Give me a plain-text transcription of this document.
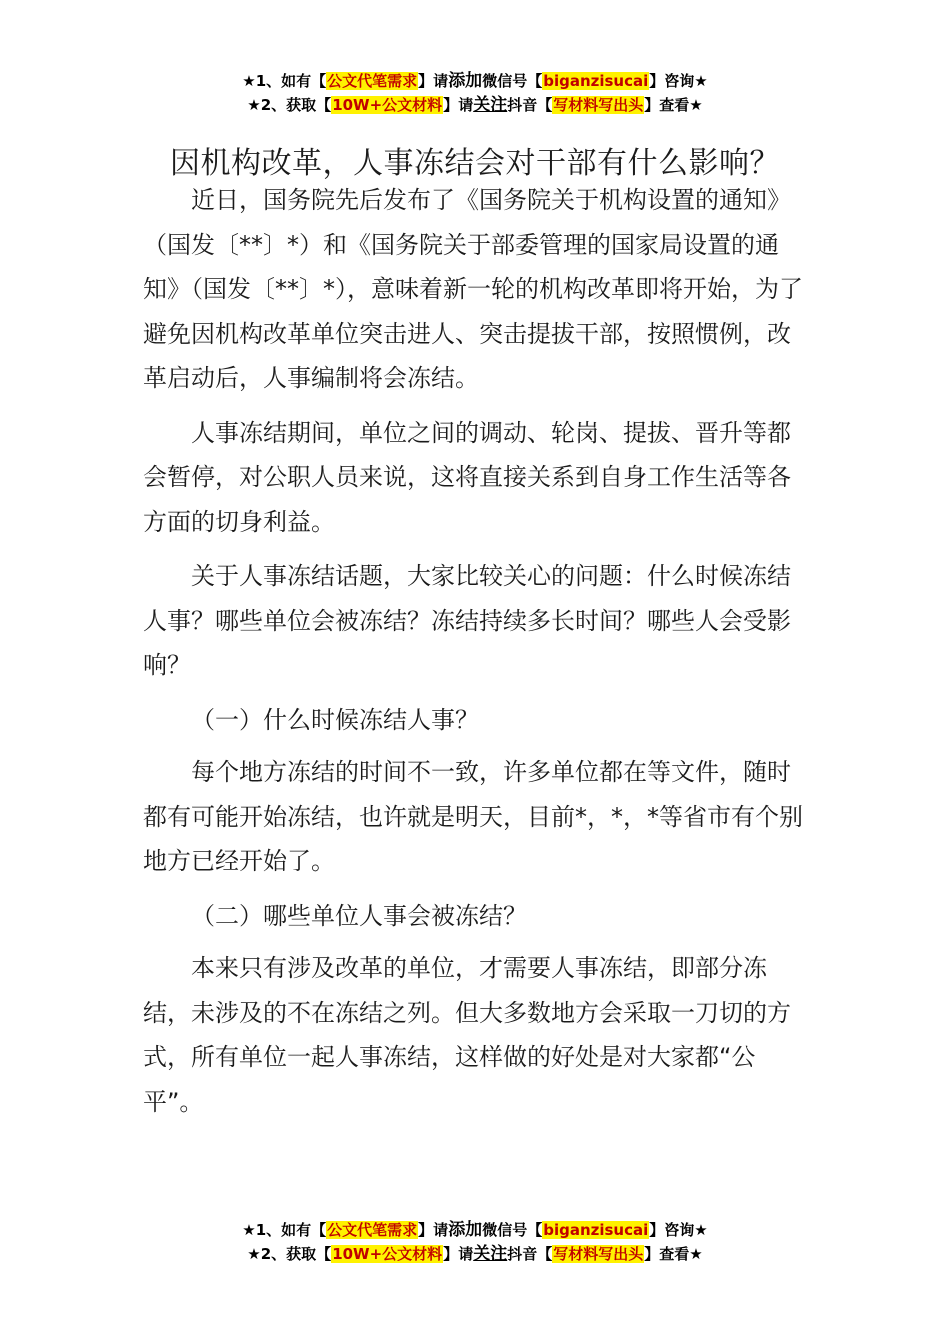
★1、如有【公文代笔需求】请添加微信号【biganzisucai】咨询★
★2、获取【10W+公文材料】请关注抖音【写材料写出头】查看★
因机构改革，人事冻结会对干部有什么影响？

近日，国务院先后发布了《国务院关于机构设置的通知》（国发〔**〕*）和《国务院关于部委管理的国家局设置的通知》（国发〔**〕*），意味着新一轮的机构改革即将开始，为了避免因机构改革单位突击进人、突击提拔干部，按照惯例，改革启动后，人事编制将会冻结。

人事冻结期间，单位之间的调动、轮岗、提拔、晋升等都会暂停，对公职人员来说，这将直接关系到自身工作生活等各方面的切身利益。

关于人事冻结话题，大家比较关心的问题：什么时候冻结人事？哪些单位会被冻结？冻结持续多长时间？哪些人会受影响？

（一）什么时候冻结人事？

每个地方冻结的时间不一致，许多单位都在等文件，随时都有可能开始冻结，也许就是明天，目前*，*，*等省市有个别地方已经开始了。

（二）哪些单位人事会被冻结？

本来只有涉及改革的单位，才需要人事冻结，即部分冻结，未涉及的不在冻结之列。但大多数地方会采取一刀切的方式，所有单位一起人事冻结，这样做的好处是对大家都“公平”。

★1、如有【公文代笔需求】请添加微信号【biganzisucai】咨询★
★2、获取【10W+公文材料】请关注抖音【写材料写出头】查看★
